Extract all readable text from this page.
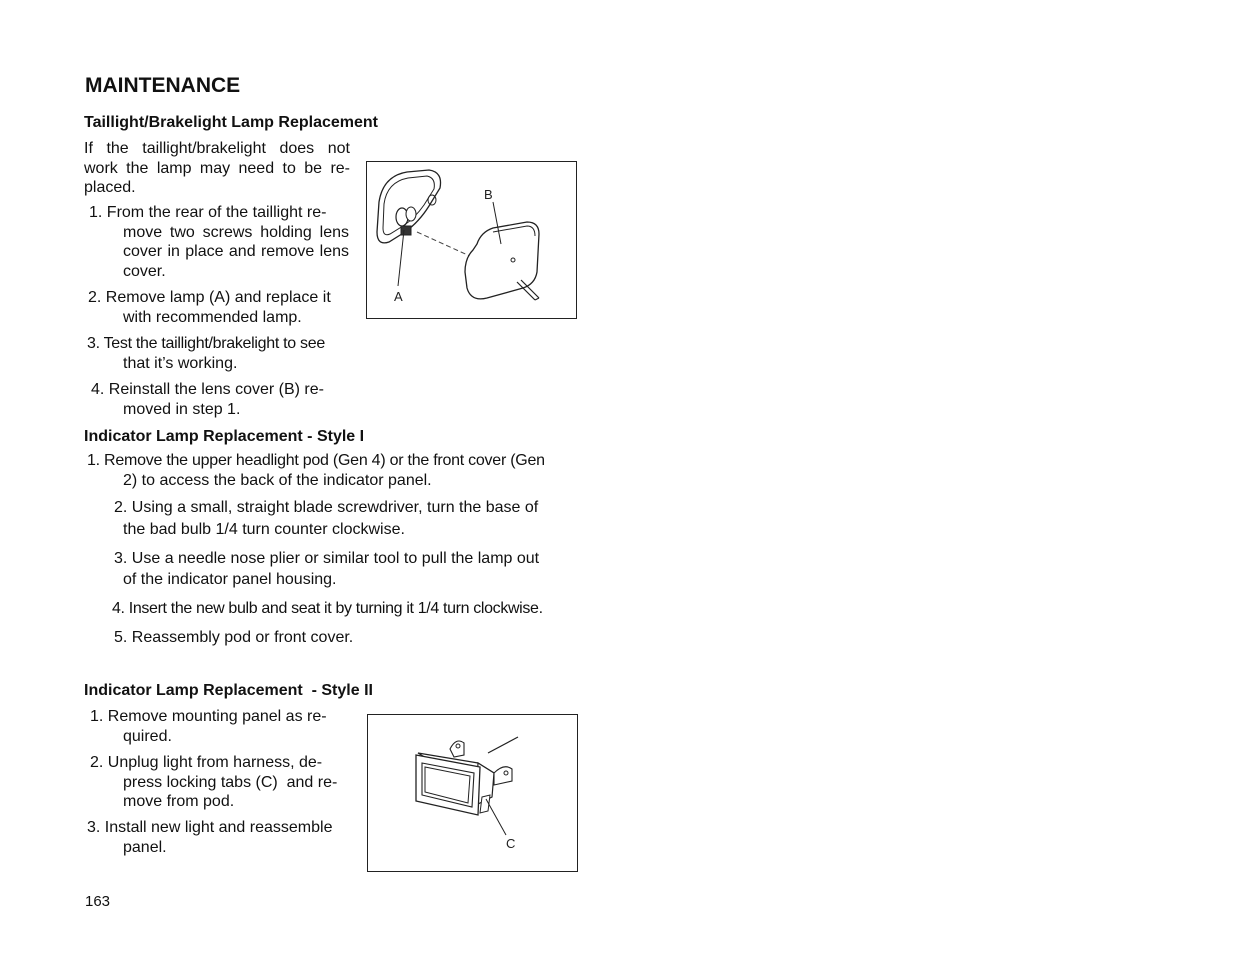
MAINTENANCE
Taillight/Brakelight Lamp Replacement
If the taillight/brakelight does not work the lamp may need to be re-placed.
1. From the rear of the taillight re-
move two screws holding lens cover in place and remove lens cover.
2. Remove lamp (A) and replace it
with recommended lamp.
3. Test the taillight/brakelight to see
that it’s working.
4. Reinstall the lens cover (B) re-
moved in step 1.
B
A
Indicator Lamp Replacement - Style I
1. Remove the upper headlight pod (Gen 4) or the front cover (Gen
2) to access the back of the indicator panel.
2. Using a small, straight blade screwdriver, turn the base of
the bad bulb 1/4 turn counter clockwise.
3. Use a needle nose plier or similar tool to pull the lamp out
of the indicator panel housing.
4. Insert the new bulb and seat it by turning it 1/4 turn clockwise.
5. Reassembly pod or front cover.
Indicator Lamp Replacement  - Style II
1. Remove mounting panel as re-
quired.
2. Unplug light from harness, de-
press locking tabs (C)  and re-move from pod.
3. Install new light and reassemble
panel.	C
163
